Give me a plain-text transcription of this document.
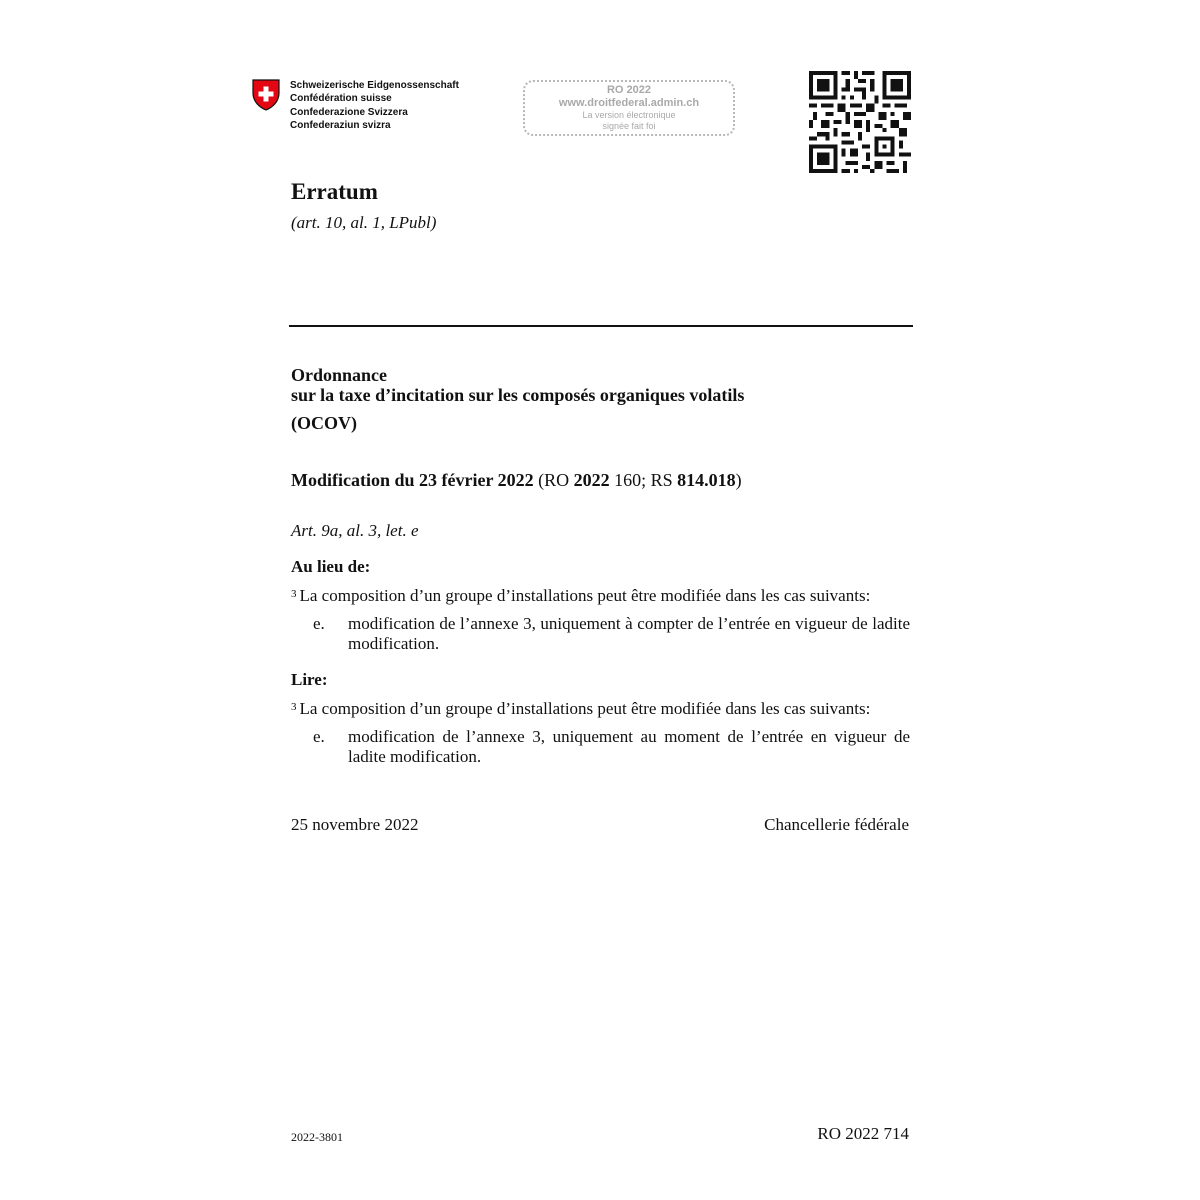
Schweizerische Eidgenossenschaft
Confédération suisse
Confederazione Svizzera
Confederaziun svizra
RO 2022
www.droitfederal.admin.ch
La version électronique
signée fait foi
Erratum
(art. 10, al. 1, LPubl)
Ordonnance
sur la taxe d’incitation sur les composés organiques volatils
(OCOV)
Modification du 23 février 2022 (RO 2022 160; RS 814.018)
Art. 9a, al. 3, let. e
Au lieu de:
$^3$ La composition d’un groupe d’installations peut être modifiée dans les cas suivants:
e. modification de l’annexe 3, uniquement à compter de l’entrée en vigueur de ladite modification.
Lire:
$^3$ La composition d’un groupe d’installations peut être modifiée dans les cas suivants:
e. modification de l’annexe 3, uniquement au moment de l’entrée en vigueur de ladite modification.
25 novembre 2022	Chancellerie fédérale
2022-3801	RO 2022 714
